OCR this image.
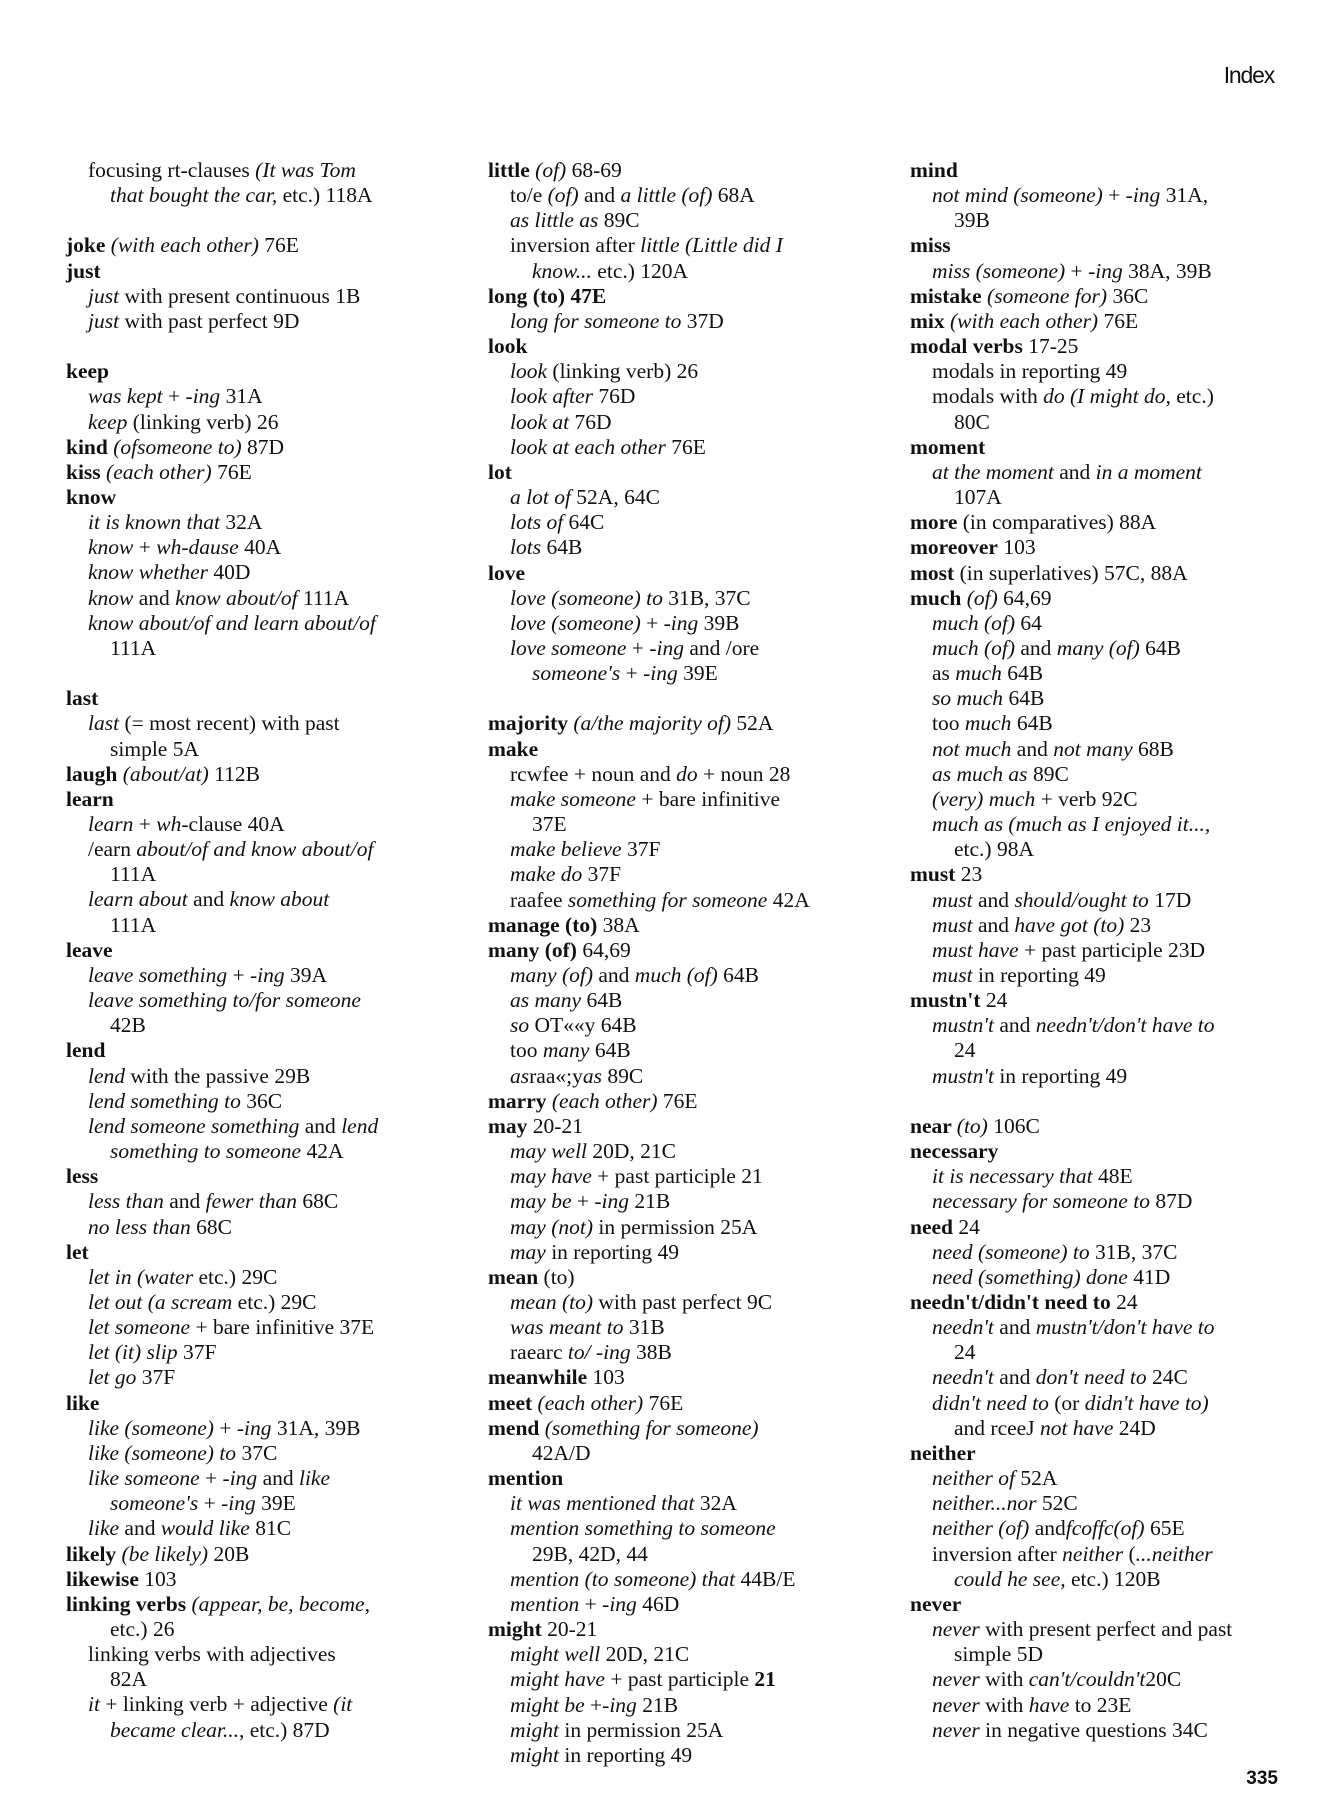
Index
focusing rt-clauses (It was Tom
that bought the car, etc.) 118A
joke (with each other) 76E
just
just with present continuous 1B
just with past perfect 9D
keep
was kept + -ing 31A
keep (linking verb) 26
kind (ofsomeone to) 87D
kiss (each other) 76E
know
it is known that 32A
know + wh-dause 40A
know whether 40D
know and know about/of 111A
know about/of and learn about/of
111A
last
last (= most recent) with past
simple 5A
laugh (about/at) 112B
learn
learn + wh-clause 40A
/earn about/of and know about/of
111A
learn about and know about
111A
leave
leave something + -ing 39A
leave something to/for someone
42B
lend
lend with the passive 29B
lend something to 36C
lend someone something and lend
something to someone 42A
less
less than and fewer than 68C
no less than 68C
let
let in (water etc.) 29C
let out (a scream etc.) 29C
let someone + bare infinitive 37E
let (it) slip 37F
let go 37F
like
like (someone) + -ing 31A, 39B
like (someone) to 37C
like someone + -ing and like
someone's + -ing 39E
like and would like 81C
likely (be likely) 20B
likewise 103
linking verbs (appear, be, become,
etc.) 26
linking verbs with adjectives
82A
it + linking verb + adjective (it
became clear..., etc.) 87D
little (of) 68-69
to/e (of) and a little (of) 68A
as little as 89C
inversion after little (Little did I
know... etc.) 120A
long (to) 47E
long for someone to 37D
look
look (linking verb) 26
look after 76D
look at 76D
look at each other 76E
lot
a lot of 52A, 64C
lots of 64C
lots 64B
love
love (someone) to 31B, 37C
love (someone) + -ing 39B
love someone + -ing and /ore
someone's + -ing 39E
majority (a/the majority of) 52A
make
rcwfee + noun and do + noun 28
make someone + bare infinitive
37E
make believe 37F
make do 37F
raafee something for someone 42A
manage (to) 38A
many (of) 64,69
many (of) and much (of) 64B
as many 64B
so OT««y 64B
too many 64B
asraa«;yas 89C
marry (each other) 76E
may 20-21
may well 20D, 21C
may have + past participle 21
may be + -ing 21B
may (not) in permission 25A
may in reporting 49
mean (to)
mean (to) with past perfect 9C
was meant to 31B
raearc to/ -ing 38B
meanwhile 103
meet (each other) 76E
mend (something for someone)
42A/D
mention
it was mentioned that 32A
mention something to someone
29B, 42D, 44
mention (to someone) that 44B/E
mention + -ing 46D
might 20-21
might well 20D, 21C
might have + past participle 21
might be +-ing 21B
might in permission 25A
might in reporting 49
mind
not mind (someone) + -ing 31A,
39B
miss
miss (someone) + -ing 38A, 39B
mistake (someone for) 36C
mix (with each other) 76E
modal verbs 17-25
modals in reporting 49
modals with do (I might do, etc.)
80C
moment
at the moment and in a moment
107A
more (in comparatives) 88A
moreover 103
most (in superlatives) 57C, 88A
much (of) 64,69
much (of) 64
much (of) and many (of) 64B
as much 64B
so much 64B
too much 64B
not much and not many 68B
as much as 89C
(very) much + verb 92C
much as (much as I enjoyed it...,
etc.) 98A
must 23
must and should/ought to 17D
must and have got (to) 23
must have + past participle 23D
must in reporting 49
mustn't 24
mustn't and needn't/don't have to
24
mustn't in reporting 49
near (to) 106C
necessary
it is necessary that 48E
necessary for someone to 87D
need 24
need (someone) to 31B, 37C
need (something) done 41D
needn't/didn't need to 24
needn't and mustn't/don't have to
24
needn't and don't need to 24C
didn't need to (or didn't have to)
and rceeJ not have 24D
neither
neither of 52A
neither...nor 52C
neither (of) andfcoffc(of) 65E
inversion after neither (...neither
could he see, etc.) 120B
never
never with present perfect and past
simple 5D
never with can't/couldn't20C
never with have to 23E
never in negative questions 34C
335
